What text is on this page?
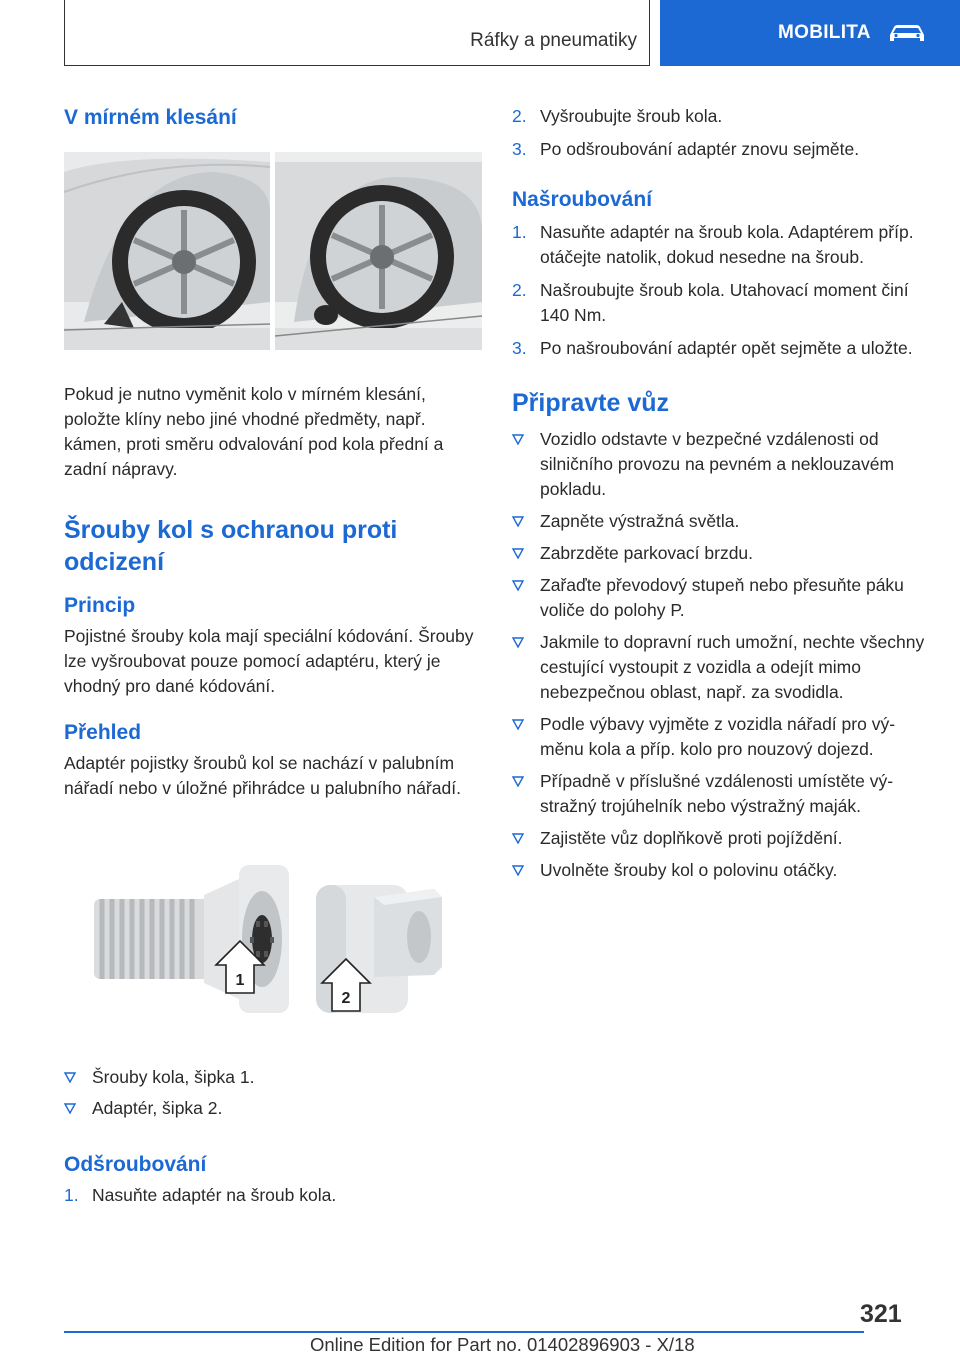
Ráfky a pneumatiky	MOBILITA
V mírném klesání
Pokud je nutno vyměnit kolo v mírném klesání, položte klíny nebo jiné vhodné předměty, např. kámen, proti směru odvalování pod kola přední a zadní nápravy.
Šrouby kol s ochranou proti odcizení
Princip
Pojistné šrouby kola mají speciální kódování. Šrouby lze vyšroubovat pouze pomocí adaptéru, který je vhodný pro dané kódování.
Přehled
Adaptér pojistky šroubů kol se nachází v palubním nářadí nebo v úložné přihrádce u palubního nářadí.
1
2
Šrouby kola, šipka 1.
Adaptér, šipka 2.
Odšroubování
1. Nasuňte adaptér na šroub kola.
2. Vyšroubujte šroub kola.
3. Po odšroubování adaptér znovu sejměte.
Našroubování
1. Nasuňte adaptér na šroub kola. Adaptérem příp. otáčejte natolik, dokud nesedne na šroub.
2. Našroubujte šroub kola. Utahovací moment činí 140 Nm.
3. Po našroubování adaptér opět sejměte a uložte.
Připravte vůz
Vozidlo odstavte v bezpečné vzdálenosti od silničního provozu na pevném a neklouzavém pokladu.
Zapněte výstražná světla.
Zabrzděte parkovací brzdu.
Zařaďte převodový stupeň nebo přesuňte páku voliče do polohy P.
Jakmile to dopravní ruch umožní, nechte všechny cestující vystoupit z vozidla a odejít mimo nebezpečnou oblast, např. za svodidla.
Podle výbavy vyjměte z vozidla nářadí pro výměnu kola a příp. kolo pro nouzový dojezd.
Případně v příslušné vzdálenosti umístěte výstražný trojúhelník nebo výstražný maják.
Zajistěte vůz doplňkově proti pojíždění.
Uvolněte šrouby kol o polovinu otáčky.
321
Online Edition for Part no. 01402896903 - X/18
